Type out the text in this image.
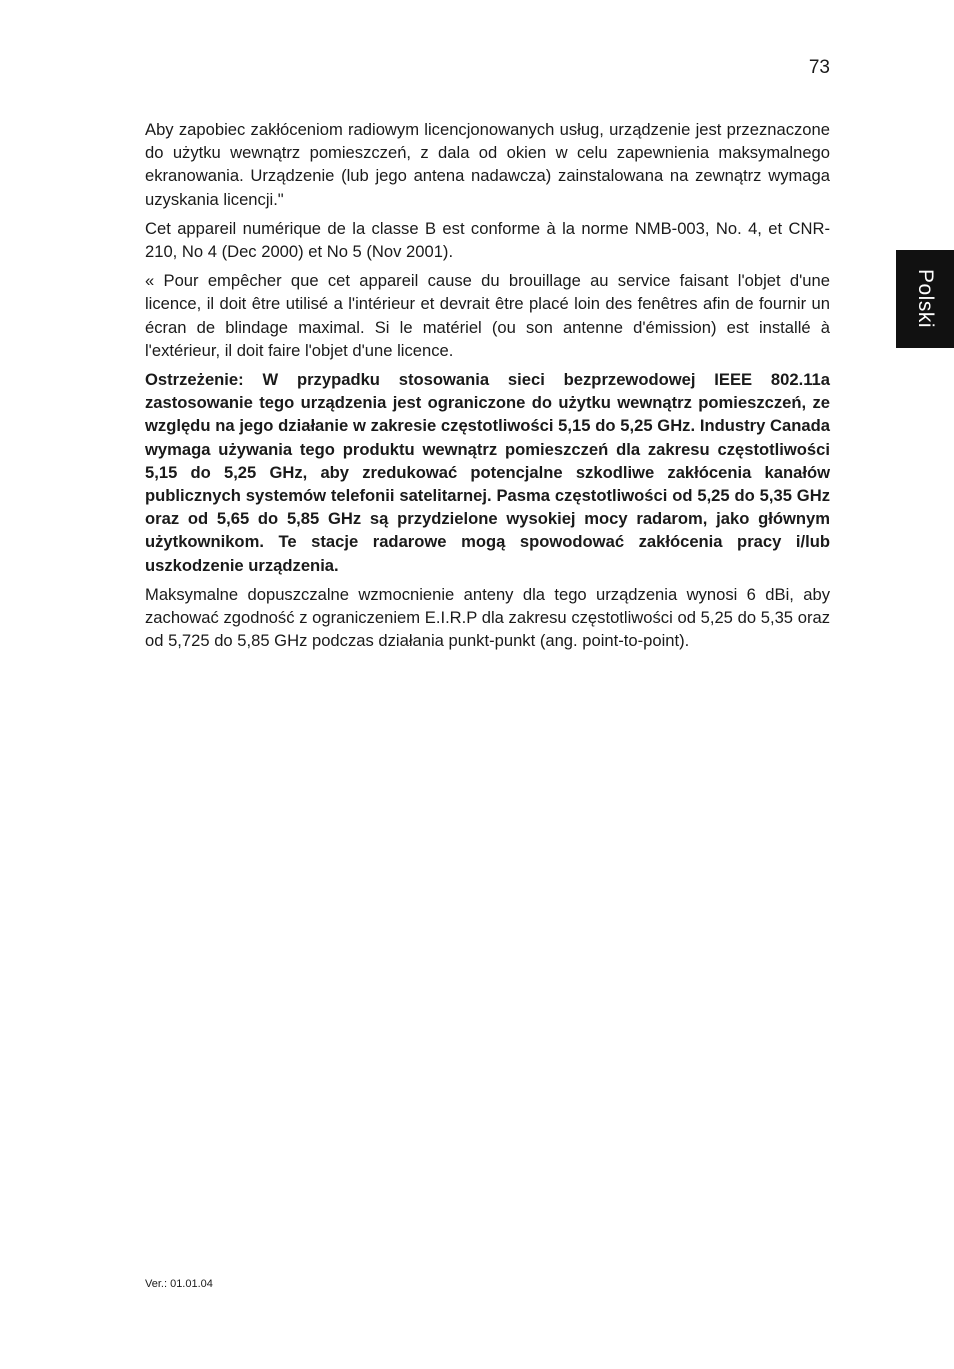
73
Polski

Aby zapobiec zakłóceniom radiowym licencjonowanych usług, urządzenie jest przeznaczone do użytku wewnątrz pomieszczeń, z dala od okien w celu zapewnienia maksymalnego ekranowania. Urządzenie (lub jego antena nadawcza) zainstalowana na zewnątrz wymaga uzyskania licencji."

Cet appareil numérique de la classe B est conforme à la norme NMB-003, No. 4, et CNR-210, No 4 (Dec 2000) et No 5 (Nov 2001).

« Pour empêcher que cet appareil cause du brouillage au service faisant l'objet d'une licence, il doit être utilisé a l'intérieur et devrait être placé loin des fenêtres afin de fournir un écran de blindage maximal. Si le matériel (ou son antenne d'émission) est installé à l'extérieur, il doit faire l'objet d'une licence.

Ostrzeżenie: W przypadku stosowania sieci bezprzewodowej IEEE 802.11a zastosowanie tego urządzenia jest ograniczone do użytku wewnątrz pomieszczeń, ze względu na jego działanie w zakresie częstotliwości 5,15 do 5,25 GHz. Industry Canada wymaga używania tego produktu wewnątrz pomieszczeń dla zakresu częstotliwości 5,15 do 5,25 GHz, aby zredukować potencjalne szkodliwe zakłócenia kanałów publicznych systemów telefonii satelitarnej. Pasma częstotliwości od 5,25 do 5,35 GHz oraz od 5,65 do 5,85 GHz są przydzielone wysokiej mocy radarom, jako głównym użytkownikom. Te stacje radarowe mogą spowodować zakłócenia pracy i/lub uszkodzenie urządzenia.

Maksymalne dopuszczalne wzmocnienie anteny dla tego urządzenia wynosi 6 dBi, aby zachować zgodność z ograniczeniem E.I.R.P dla zakresu częstotliwości od 5,25 do 5,35 oraz od 5,725 do 5,85 GHz podczas działania punkt-punkt (ang. point-to-point).

Ver.: 01.01.04
